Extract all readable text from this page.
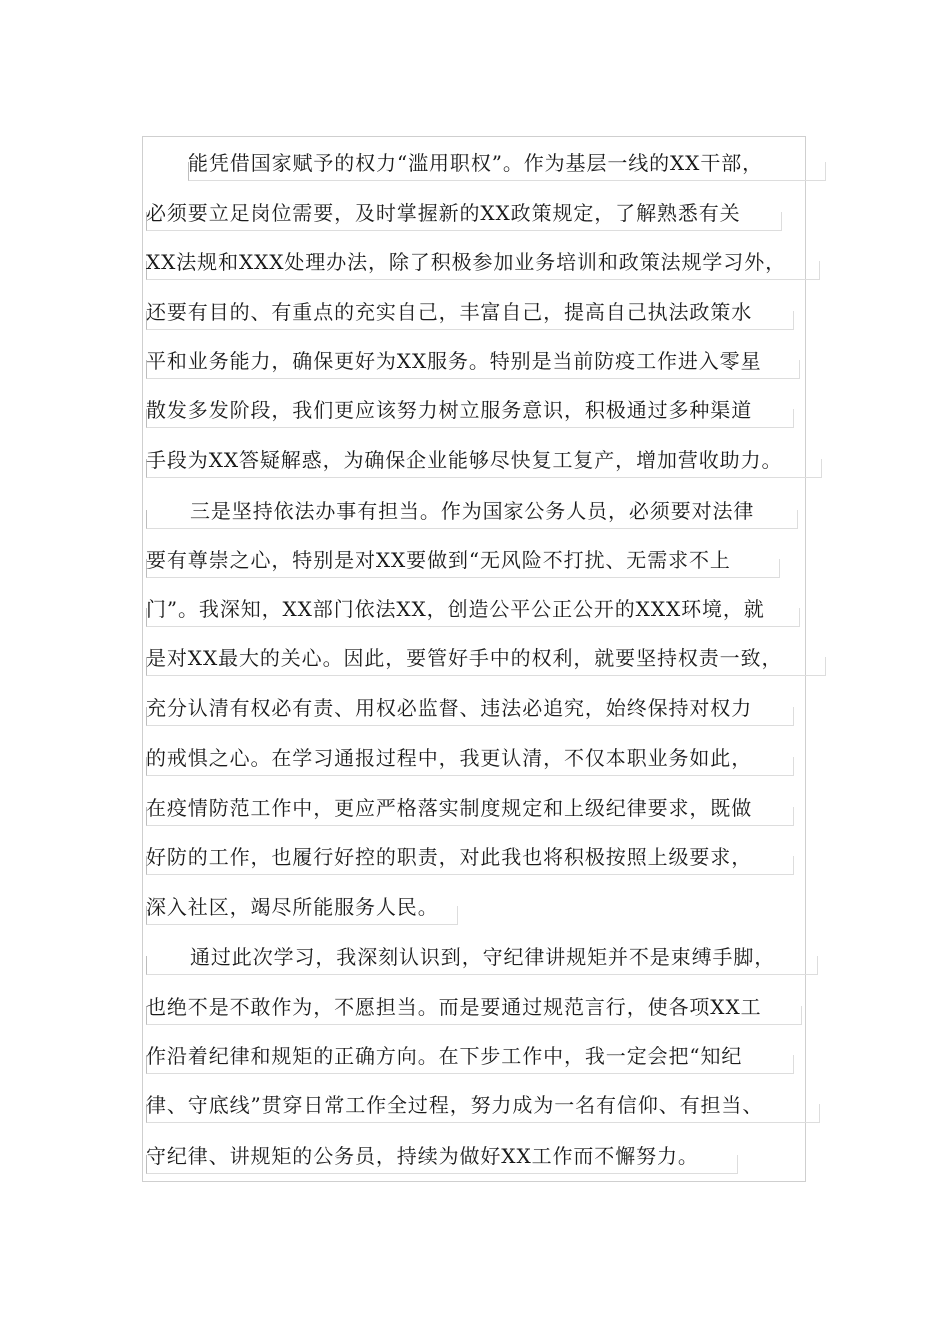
能凭借国家赋予的权力“滥用职权”。作为基层一线的XX干部，
必须要立足岗位需要，及时掌握新的XX政策规定，了解熟悉有关
XX法规和XXX处理办法，除了积极参加业务培训和政策法规学习外，
还要有目的、有重点的充实自己，丰富自己，提高自己执法政策水
平和业务能力，确保更好为XX服务。特别是当前防疫工作进入零星
散发多发阶段，我们更应该努力树立服务意识，积极通过多种渠道
手段为XX答疑解惑，为确保企业能够尽快复工复产，增加营收助力。
三是坚持依法办事有担当。作为国家公务人员，必须要对法律
要有尊崇之心，特别是对XX要做到“无风险不打扰、无需求不上
门”。我深知，XX部门依法XX，创造公平公正公开的XXX环境，就
是对XX最大的关心。因此，要管好手中的权利，就要坚持权责一致，
充分认清有权必有责、用权必监督、违法必追究，始终保持对权力
的戒惧之心。在学习通报过程中，我更认清，不仅本职业务如此，
在疫情防范工作中，更应严格落实制度规定和上级纪律要求，既做
好防的工作，也履行好控的职责，对此我也将积极按照上级要求，
深入社区，竭尽所能服务人民。
通过此次学习，我深刻认识到，守纪律讲规矩并不是束缚手脚，
也绝不是不敢作为，不愿担当。而是要通过规范言行，使各项XX工
作沿着纪律和规矩的正确方向。在下步工作中，我一定会把“知纪
律、守底线”贯穿日常工作全过程，努力成为一名有信仰、有担当、
守纪律、讲规矩的公务员，持续为做好XX工作而不懈努力。
